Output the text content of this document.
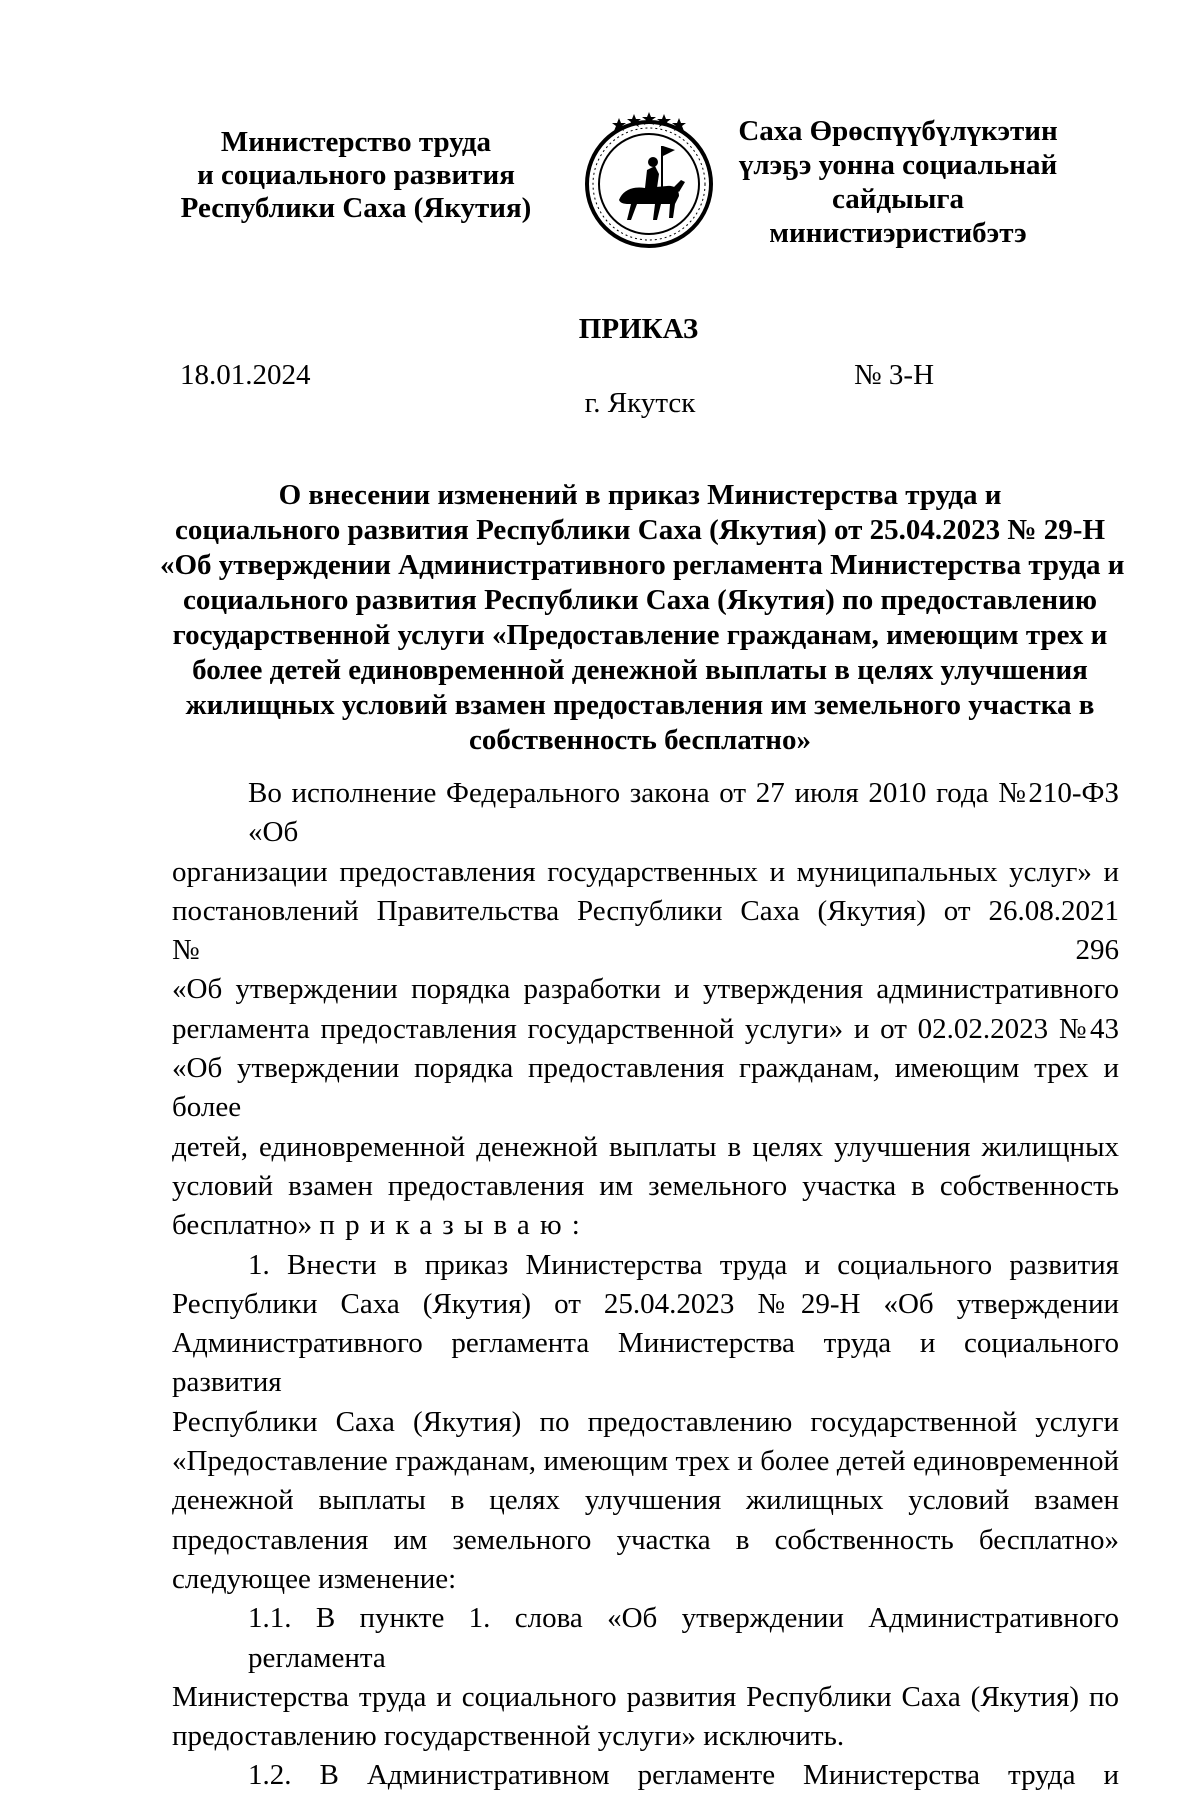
Министерство труда
и социального развития
Республики Саха (Якутия)
Саха Өрөспүүбүлүкэтин
үлэҕэ уонна социальнай
сайдыыга
министиэристибэтэ
ПРИКАЗ
18.01.2024	№ 3-Н
г. Якутск
О внесении изменений в приказ Министерства труда и
социального развития Республики Саха (Якутия) от 25.04.2023 № 29-Н
«Об утверждении Административного регламента Министерства труда и
социального развития Республики Саха (Якутия) по предоставлению
государственной услуги «Предоставление гражданам, имеющим трех и
более детей единовременной денежной выплаты в целях улучшения
жилищных условий взамен предоставления им земельного участка в
собственность бесплатно»

Во исполнение Федерального закона от 27 июля 2010 года №210-ФЗ «Об
организации предоставления государственных и муниципальных услуг» и
постановлений Правительства Республики Саха (Якутия) от 26.08.2021 №296
«Об утверждении порядка разработки и утверждения административного
регламента предоставления государственной услуги» и от 02.02.2023 №43
«Об утверждении порядка предоставления гражданам, имеющим трех и более
детей, единовременной денежной выплаты в целях улучшения жилищных
условий взамен предоставления им земельного участка в собственность
бесплатно» приказываю:

1. Внести в приказ Министерства труда и социального развития
Республики Саха (Якутия) от 25.04.2023 №29-Н «Об утверждении
Административного регламента Министерства труда и социального развития
Республики Саха (Якутия) по предоставлению государственной услуги
«Предоставление гражданам, имеющим трех и более детей единовременной
денежной выплаты в целях улучшения жилищных условий взамен
предоставления им земельного участка в собственность бесплатно»
следующее изменение:

1.1. В пункте 1. слова «Об утверждении Административного регламента
Министерства труда и социального развития Республики Саха (Якутия) по
предоставлению государственной услуги» исключить.

1.2. В Административном регламенте Министерства труда и
